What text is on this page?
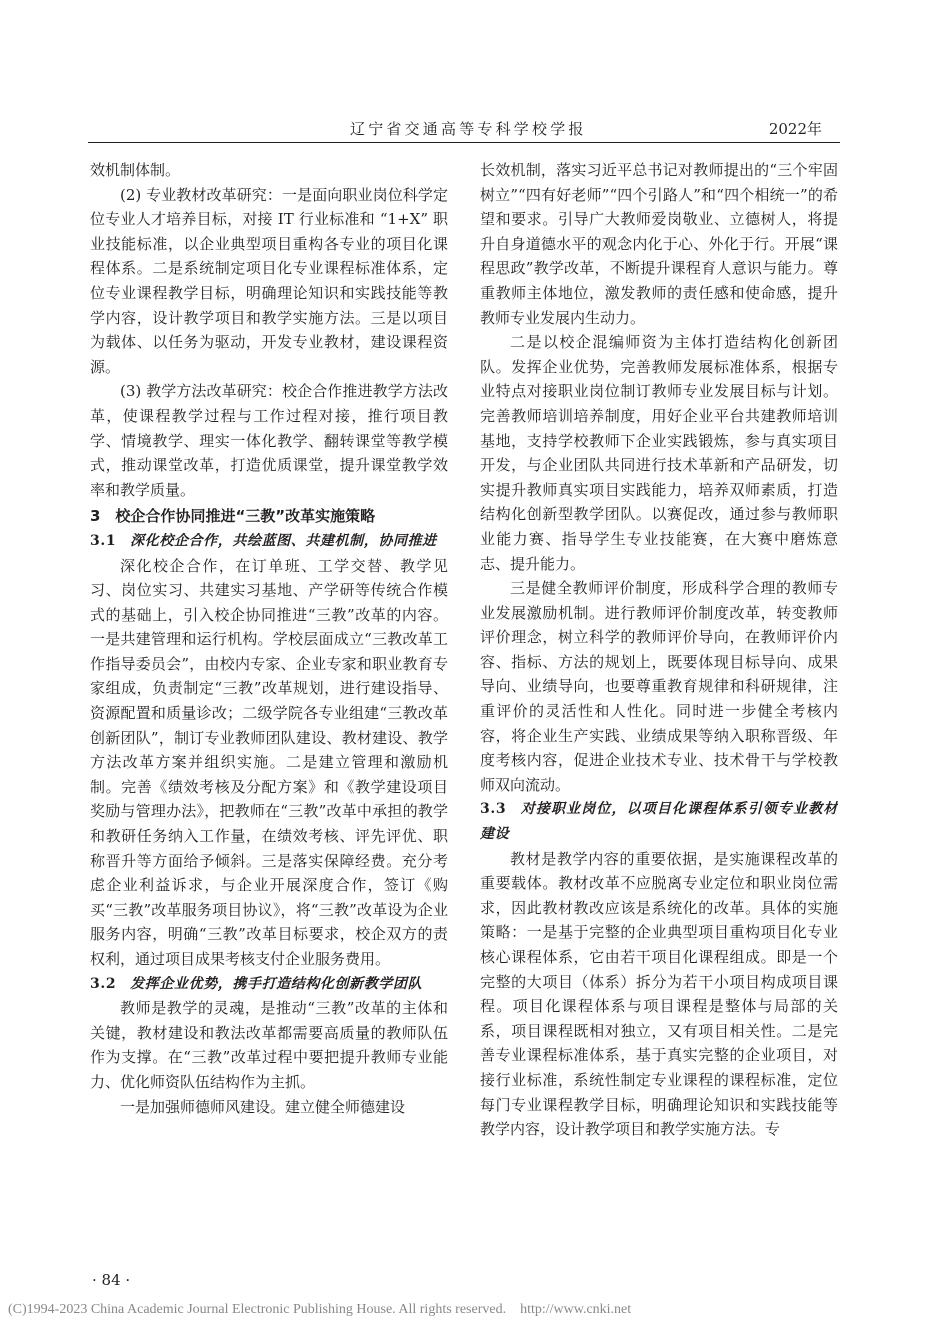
辽宁省交通高等专科学校学报	2022年

效机制体制。

(2) 专业教材改革研究：一是面向职业岗位科学定位专业人才培养目标，对接 IT 行业标准和 “1+X” 职业技能标准，以企业典型项目重构各专业的项目化课程体系。二是系统制定项目化专业课程标准体系，定位专业课程教学目标，明确理论知识和实践技能等教学内容，设计教学项目和教学实施方法。三是以项目为载体、以任务为驱动，开发专业教材，建设课程资源。

(3) 教学方法改革研究：校企合作推进教学方法改革，使课程教学过程与工作过程对接，推行项目教学、情境教学、理实一体化教学、翻转课堂等教学模式，推动课堂改革，打造优质课堂，提升课堂教学效率和教学质量。

3　校企合作协同推进“三教”改革实施策略
3.1 深化校企合作，共绘蓝图、共建机制，协同推进

深化校企合作，在订单班、工学交替、教学见习、岗位实习、共建实习基地、产学研等传统合作模式的基础上，引入校企协同推进“三教”改革的内容。一是共建管理和运行机构。学校层面成立“三教改革工作指导委员会”，由校内专家、企业专家和职业教育专家组成，负责制定“三教”改革规划，进行建设指导、资源配置和质量诊改；二级学院各专业组建“三教改革创新团队”，制订专业教师团队建设、教材建设、教学方法改革方案并组织实施。二是建立管理和激励机制。完善《绩效考核及分配方案》和《教学建设项目奖励与管理办法》，把教师在“三教”改革中承担的教学和教研任务纳入工作量，在绩效考核、评先评优、职称晋升等方面给予倾斜。三是落实保障经费。充分考虑企业利益诉求，与企业开展深度合作，签订《购买“三教”改革服务项目协议》，将“三教”改革设为企业服务内容，明确“三教”改革目标要求，校企双方的责权利，通过项目成果考核支付企业服务费用。

3.2 发挥企业优势，携手打造结构化创新教学团队

教师是教学的灵魂，是推动“三教”改革的主体和关键，教材建设和教法改革都需要高质量的教师队伍作为支撑。在“三教”改革过程中要把提升教师专业能力、优化师资队伍结构作为主抓。

一是加强师德师风建设。建立健全师德建设

长效机制，落实习近平总书记对教师提出的“三个牢固树立”“四有好老师”“四个引路人”和“四个相统一”的希望和要求。引导广大教师爱岗敬业、立德树人，将提升自身道德水平的观念内化于心、外化于行。开展“课程思政”教学改革，不断提升课程育人意识与能力。尊重教师主体地位，激发教师的责任感和使命感，提升教师专业发展内生动力。

二是以校企混编师资为主体打造结构化创新团队。发挥企业优势，完善教师发展标准体系，根据专业特点对接职业岗位制订教师专业发展目标与计划。完善教师培训培养制度，用好企业平台共建教师培训基地，支持学校教师下企业实践锻炼，参与真实项目开发，与企业团队共同进行技术革新和产品研发，切实提升教师真实项目实践能力，培养双师素质，打造结构化创新型教学团队。以赛促改，通过参与教师职业能力赛、指导学生专业技能赛，在大赛中磨炼意志、提升能力。

三是健全教师评价制度，形成科学合理的教师专业发展激励机制。进行教师评价制度改革，转变教师评价理念，树立科学的教师评价导向，在教师评价内容、指标、方法的规划上，既要体现目标导向、成果导向、业绩导向，也要尊重教育规律和科研规律，注重评价的灵活性和人性化。同时进一步健全考核内容，将企业生产实践、业绩成果等纳入职称晋级、年度考核内容，促进企业技术专业、技术骨干与学校教师双向流动。

3.3 对接职业岗位，以项目化课程体系引领专业教材建设

教材是教学内容的重要依据，是实施课程改革的重要载体。教材改革不应脱离专业定位和职业岗位需求，因此教材教改应该是系统化的改革。具体的实施策略：一是基于完整的企业典型项目重构项目化专业核心课程体系，它由若干项目化课程组成。即是一个完整的大项目（体系）拆分为若干小项目构成项目课程。项目化课程体系与项目课程是整体与局部的关系，项目课程既相对独立，又有项目相关性。二是完善专业课程标准体系，基于真实完整的企业项目，对接行业标准，系统性制定专业课程的课程标准，定位每门专业课程教学目标，明确理论知识和实践技能等教学内容，设计教学项目和教学实施方法。专

· 84 ·
(C)1994-2023 China Academic Journal Electronic Publishing House. All rights reserved.　http://www.cnki.net
